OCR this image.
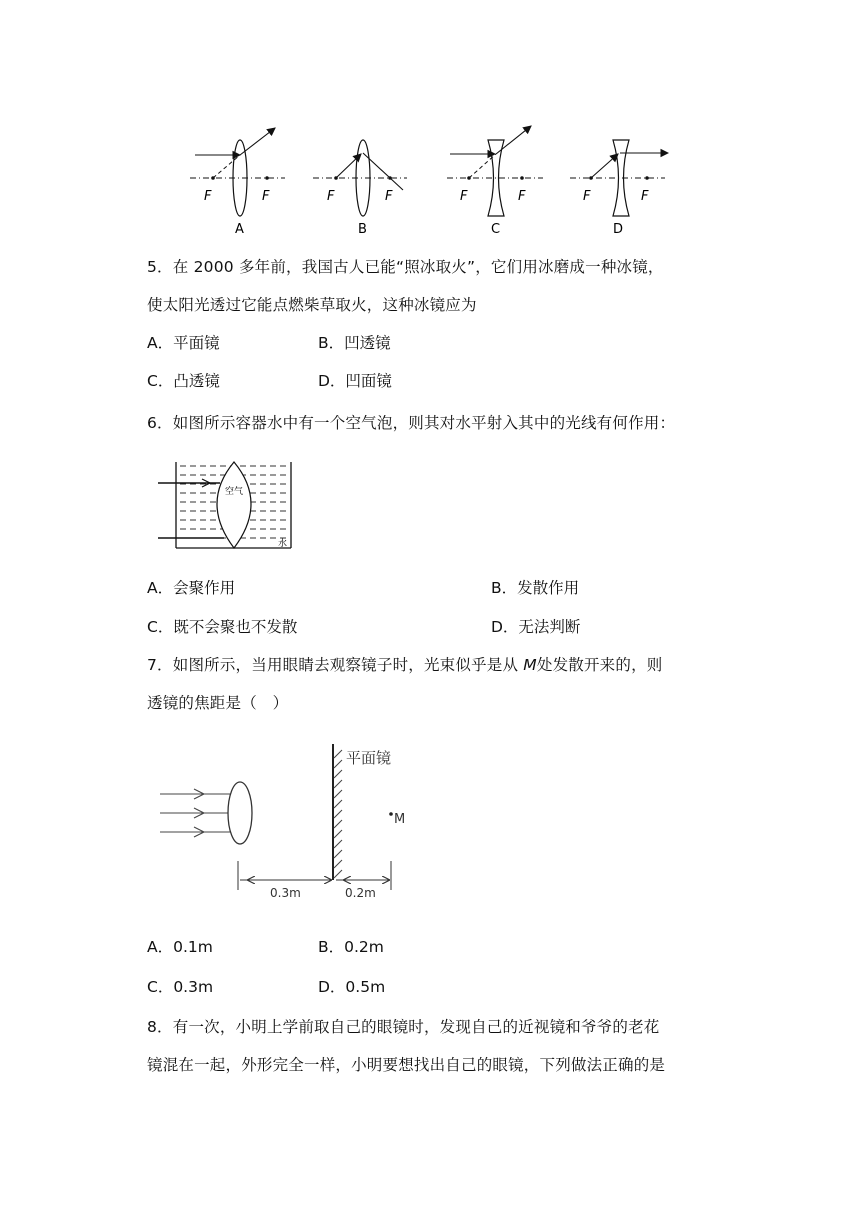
F	F
A
F	F
B
F	F
C
F	F
D
5．在 2000 多年前，我国古人已能“照冰取火”，它们用冰磨成一种冰镜，
使太阳光透过它能点燃柴草取火，这种冰镜应为
A．平面镜	B．凹透镜
C．凸透镜	D．凹面镜
6．如图所示容器水中有一个空气泡，则其对水平射入其中的光线有何作用：
空气
水
A．会聚作用	B．发散作用
C．既不会聚也不发散	D．无法判断
7．如图所示，当用眼睛去观察镜子时，光束似乎是从 M处发散开来的，则
透镜的焦距是（　）
平面镜
M
0.3m	0.2m
A．0.1m	B．0.2m
C．0.3m	D．0.5m
8．有一次，小明上学前取自己的眼镜时，发现自己的近视镜和爷爷的老花
镜混在一起，外形完全一样，小明要想找出自己的眼镜，下列做法正确的是
